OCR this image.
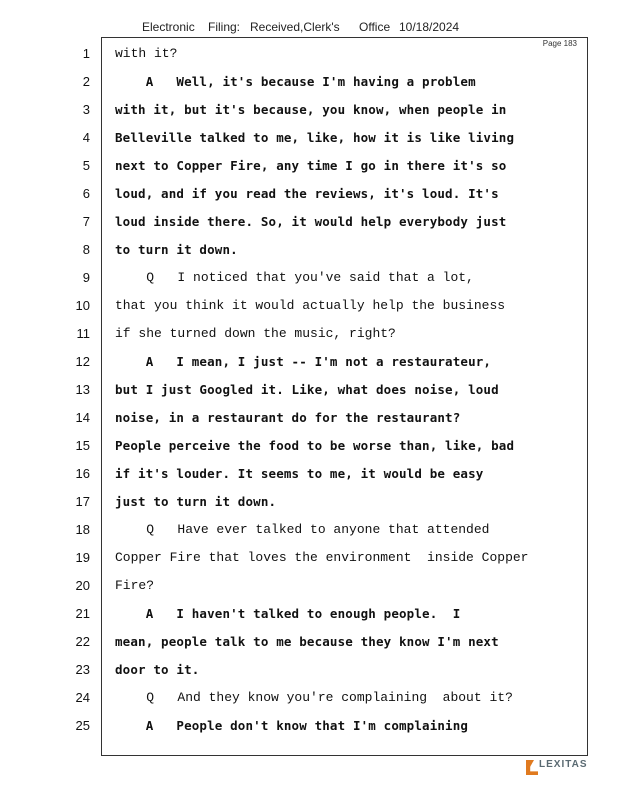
Electronic Filing: Received,Clerk's Office 10/18/2024
Page 183
1 with it?
2 A   Well, it's because I'm having a problem
3 with it, but it's because, you know, when people in
4 Belleville talked to me, like, how it is like living
5 next to Copper Fire, any time I go in there it's so
6 loud, and if you read the reviews, it's loud. It's
7 loud inside there. So, it would help everybody just
8 to turn it down.
9 Q   I noticed that you've said that a lot,
10 that you think it would actually help the business
11 if she turned down the music, right?
12 A   I mean, I just -- I'm not a restaurateur,
13 but I just Googled it. Like, what does noise, loud
14 noise, in a restaurant do for the restaurant?
15 People perceive the food to be worse than, like, bad
16 if it's louder. It seems to me, it would be easy
17 just to turn it down.
18 Q   Have ever talked to anyone that attended
19 Copper Fire that loves the environment  inside Copper
20 Fire?
21 A   I haven't talked to enough people.  I
22 mean, people talk to me because they know I'm next
23 door to it.
24 Q   And they know you're complaining  about it?
25 A   People don't know that I'm complaining
LEXITAS
